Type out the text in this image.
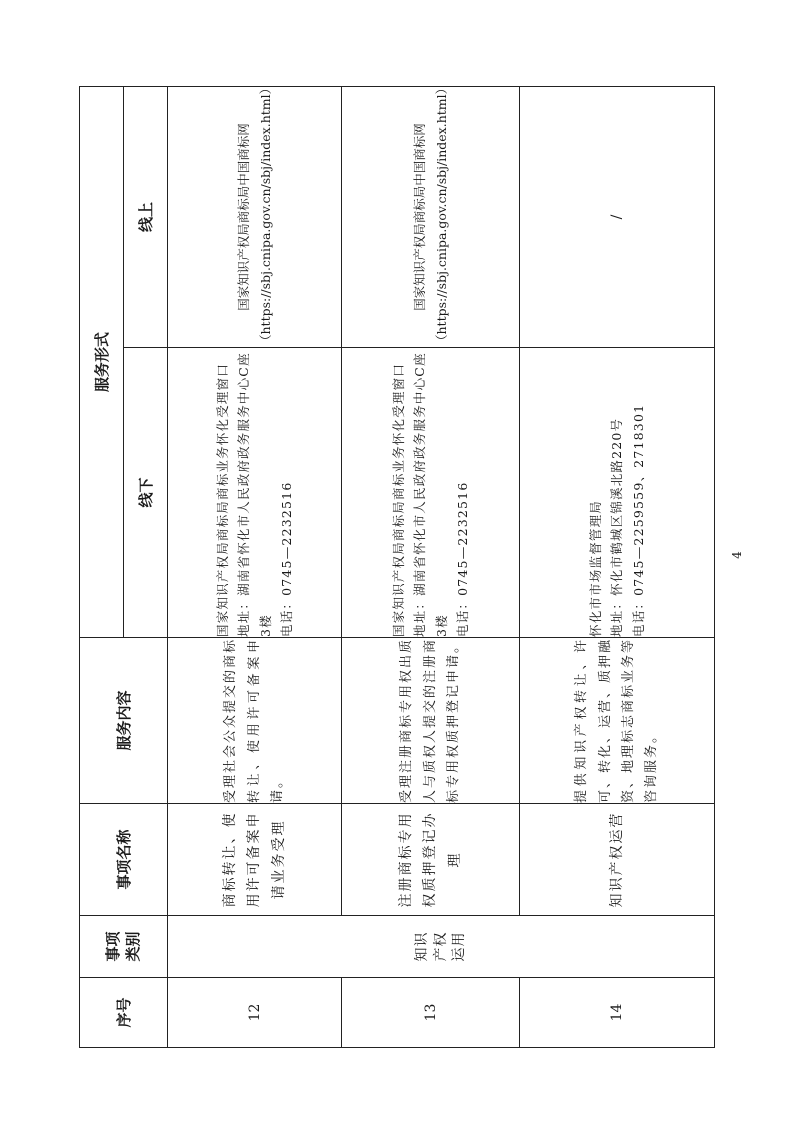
序号	事项类别	事项名称	服务内容	服务形式	
				线下	线上
12	知识产权运用	商标转让、使用许可备案申请业务受理	受理社会公众提交的商标转让、使用许可备案申请。	国家知识产权局商标局商标业务怀化受理窗口 地址：湖南省怀化市人民政府政务服务中心C座3楼 电话：0745—2232516	国家知识产权局商标局中国商标网 （https://sbj.cnipa.gov.cn/sbj/index.html）

13		注册商标专用权质押登记办理	受理注册商标专用权出质人与质权人提交的注册商标专用权质押登记申请。	国家知识产权局商标局商标业务怀化受理窗口 地址：湖南省怀化市人民政府政务服务中心C座3楼 电话：0745—2232516	国家知识产权局商标局中国商标网 （https://sbj.cnipa.gov.cn/sbj/index.html）

14		知识产权运营	提供知识产权转让、许可、转化、运营、质押融资、地理标志商标业务等咨询服务。	怀化市市场监督管理局 地址：怀化市鹤城区锦溪北路220号 电话：0745—2259559、2718301	/
4
